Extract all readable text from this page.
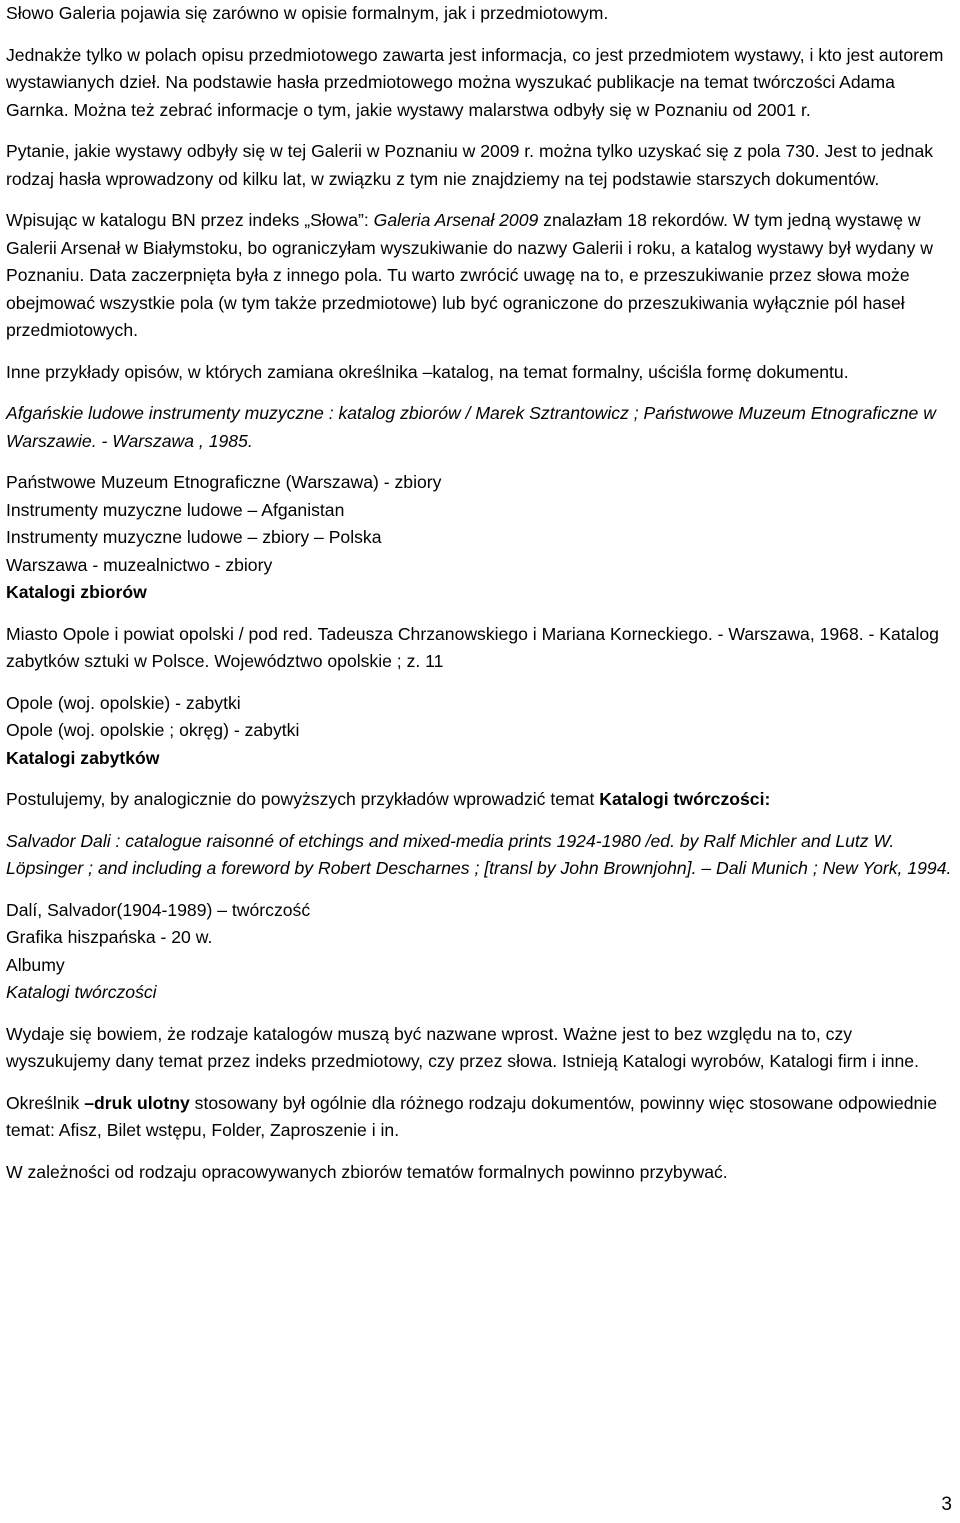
Słowo Galeria pojawia się zarówno w opisie formalnym, jak i przedmiotowym.

Jednakże tylko w polach opisu przedmiotowego zawarta jest informacja, co jest przedmiotem wystawy, i kto jest autorem wystawianych dzieł. Na podstawie hasła przedmiotowego można wyszukać publikacje na temat twórczości Adama Garnka. Można też zebrać informacje o tym, jakie wystawy malarstwa odbyły się w Poznaniu od 2001 r.

Pytanie, jakie wystawy odbyły się w tej Galerii w Poznaniu w 2009 r. można tylko uzyskać się z pola 730. Jest to jednak rodzaj hasła wprowadzony od kilku lat, w związku z tym nie znajdziemy na tej podstawie starszych dokumentów.

Wpisując w katalogu BN przez indeks „Słowa”: Galeria Arsenał 2009 znalazłam 18 rekordów. W tym jedną wystawę w Galerii Arsenał w Białymstoku, bo ograniczyłam wyszukiwanie do nazwy Galerii i roku, a katalog wystawy był wydany w Poznaniu. Data zaczerpnięta była z innego pola. Tu warto zwrócić uwagę na to, e przeszukiwanie przez słowa może obejmować wszystkie pola (w tym także przedmiotowe) lub być ograniczone do przeszukiwania wyłącznie pól haseł przedmiotowych.

Inne przykłady opisów, w których zamiana określnika –katalog, na temat formalny, uściśla formę dokumentu.

Afgańskie ludowe instrumenty muzyczne : katalog zbiorów / Marek Sztrantowicz ; Państwowe Muzeum Etnograficzne w Warszawie. - Warszawa , 1985.

Państwowe Muzeum Etnograficzne (Warszawa) - zbiory

Instrumenty muzyczne ludowe – Afganistan

Instrumenty muzyczne ludowe – zbiory – Polska

Warszawa - muzealnictwo - zbiory

Katalogi zbiorów

Miasto Opole i powiat opolski / pod red. Tadeusza Chrzanowskiego i Mariana Korneckiego. - Warszawa, 1968. - Katalog zabytków sztuki w Polsce. Województwo opolskie ; z. 11

Opole (woj. opolskie) - zabytki

Opole (woj. opolskie ; okręg) - zabytki

Katalogi zabytków

Postulujemy, by analogicznie do powyższych przykładów wprowadzić temat Katalogi twórczości:

Salvador Dali : catalogue raisonné of etchings and mixed-media prints 1924-1980 /ed. by Ralf Michler and Lutz W. Löpsinger ; and including a foreword by Robert Descharnes ; [transl by John Brownjohn]. – Dali Munich ; New York, 1994.

Dalí, Salvador(1904-1989) – twórczość

Grafika hiszpańska - 20 w.

Albumy

Katalogi twórczości

Wydaje się bowiem, że rodzaje katalogów muszą być nazwane wprost. Ważne jest to bez względu na to, czy wyszukujemy dany temat przez indeks przedmiotowy, czy przez słowa. Istnieją Katalogi wyrobów, Katalogi firm i inne.

Określnik –druk ulotny stosowany był ogólnie dla różnego rodzaju dokumentów, powinny więc stosowane odpowiednie temat: Afisz, Bilet wstępu, Folder, Zaproszenie i in.

W zależności od rodzaju opracowywanych zbiorów tematów formalnych powinno przybywać.

3
